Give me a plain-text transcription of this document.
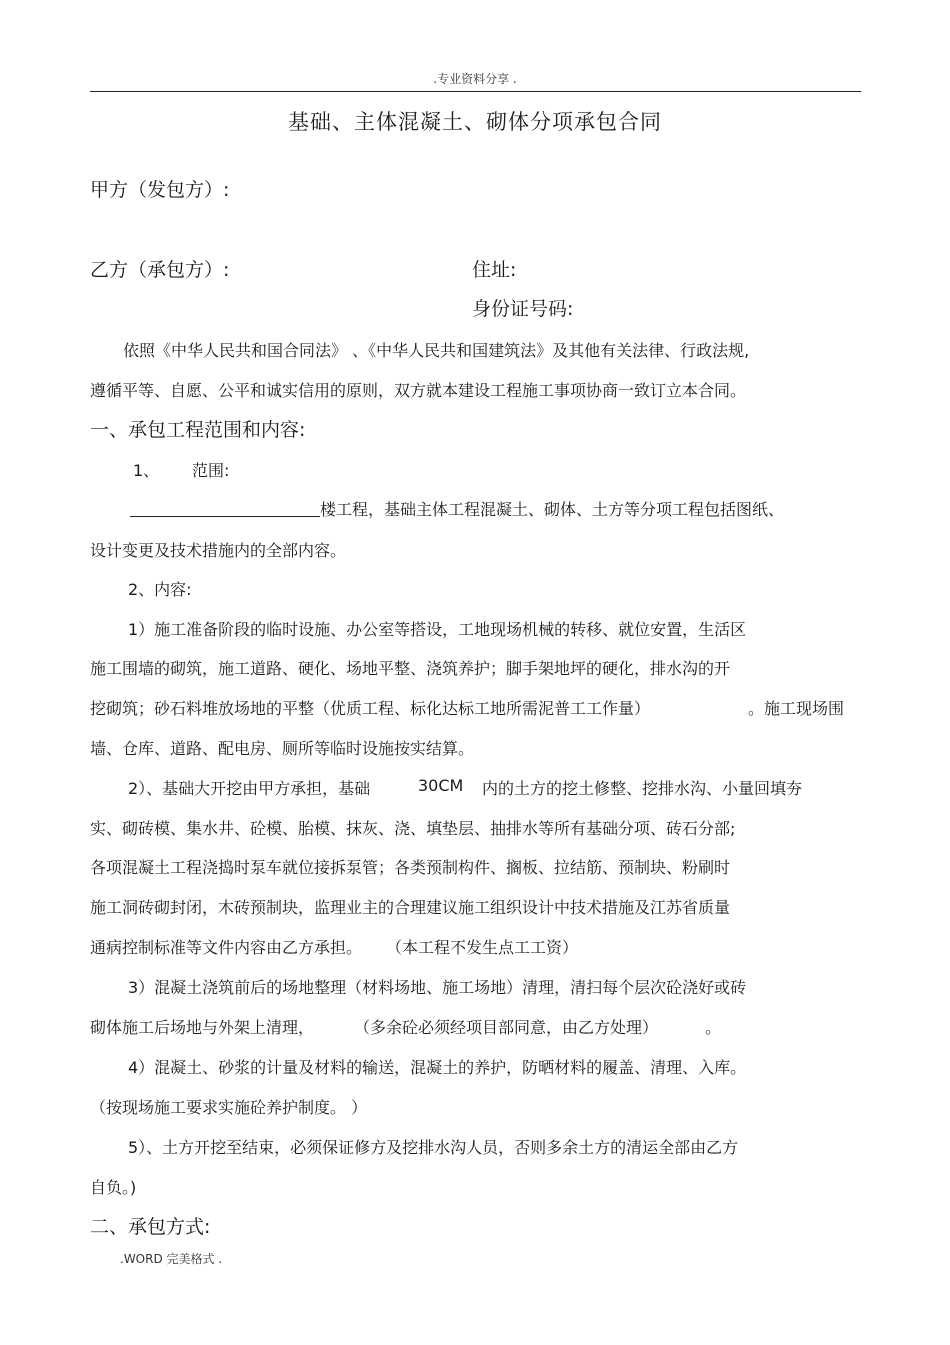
.专业资料分享 .
基础、主体混凝土、砌体分项承包合同
甲方（发包方）:
乙方（承包方）:	住址:
身份证号码:
依照《中华人民共和国合同法》 、《中华人民共和国建筑法》及其他有关法律、行政法规,
遵循平等、自愿、公平和诚实信用的原则，双方就本建设工程施工事项协商一致订立本合同。
一、承包工程范围和内容:
1、 范围:
楼工程，基础主体工程混凝土、砌体、土方等分项工程包括图纸、
设计变更及技术措施内的全部内容。
2、内容:
1）施工准备阶段的临时设施、办公室等搭设，工地现场机械的转移、就位安置，生活区
施工围墙的砌筑，施工道路、硬化、场地平整、浇筑养护；脚手架地坪的硬化，排水沟的开
挖砌筑；砂石料堆放场地的平整（优质工程、标化达标工地所需泥普工工作量）	。施工现场围
墙、仓库、道路、配电房、厕所等临时设施按实结算。
2）、基础大开挖由甲方承担，基础	30CM 内的土方的挖土修整、挖排水沟、小量回填夯
实、砌砖模、集水井、砼模、胎模、抹灰、浇、填垫层、抽排水等所有基础分项、砖石分部;
各项混凝土工程浇捣时泵车就位接拆泵管；各类预制构件、搁板、拉结筋、预制块、粉刷时
施工洞砖砌封闭，木砖预制块，监理业主的合理建议施工组织设计中技术措施及江苏省质量
通病控制标准等文件内容由乙方承担。 （本工程不发生点工工资）
3）混凝土浇筑前后的场地整理（材料场地、施工场地）清理，清扫每个层次砼浇好或砖
砌体施工后场地与外架上清理， （多余砼必须经项目部同意，由乙方处理）	。
4）混凝土、砂浆的计量及材料的输送，混凝土的养护，防晒材料的履盖、清理、入库。
（按现场施工要求实施砼养护制度。 ）
5）、土方开挖至结束，必须保证修方及挖排水沟人员，否则多余土方的清运全部由乙方
自负。)
二、承包方式:
.WORD 完美格式 .
